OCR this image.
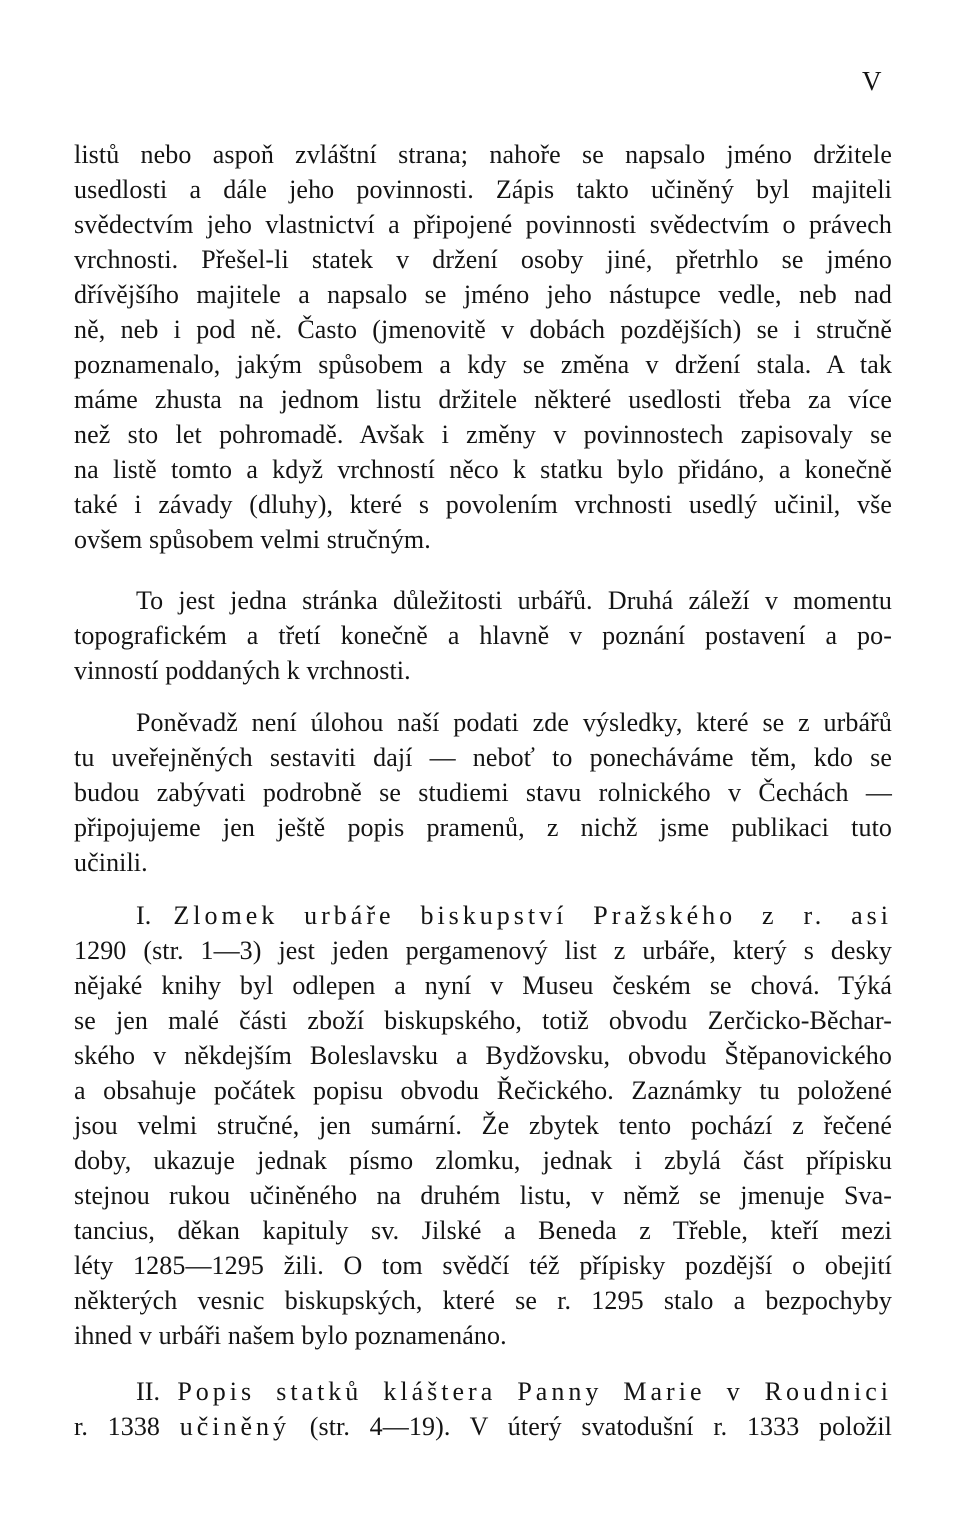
V
listů nebo aspoň zvláštní strana; nahoře se napsalo jméno držitele
usedlosti a dále jeho povinnosti. Zápis takto učiněný byl majiteli
svědectvím jeho vlastnictví a připojené povinnosti svědectvím o právech
vrchnosti. Přešel-li statek v držení osoby jiné, přetrhlo se jméno
dřívějšího majitele a napsalo se jméno jeho nástupce vedle, neb nad
ně, neb i pod ně. Často (jmenovitě v dobách pozdějších) se i stručně
poznamenalo, jakým spůsobem a kdy se změna v držení stala. A tak
máme zhusta na jednom listu držitele některé usedlosti třeba za více
než sto let pohromadě. Avšak i změny v povinnostech zapisovaly se
na listě tomto a když vrchností něco k statku bylo přidáno, a konečně
také i závady (dluhy), které s povolením vrchnosti usedlý učinil, vše
ovšem spůsobem velmi stručným.
To jest jedna stránka důležitosti urbářů. Druhá záleží v momentu
topografickém a třetí konečně a hlavně v poznání postavení a po-
vinností poddaných k vrchnosti.
Poněvadž není úlohou naší podati zde výsledky, které se z urbářů
tu uveřejněných sestaviti dají — neboť to ponecháváme těm, kdo se
budou zabývati podrobně se studiemi stavu rolnického v Čechách —
připojujeme jen ještě popis pramenů, z nichž jsme publikaci tuto
učinili.
I. Zlomek urbáře biskupství Pražského z r. asi
1290 (str. 1—3) jest jeden pergamenový list z urbáře, který s desky
nějaké knihy byl odlepen a nyní v Museu českém se chová. Týká
se jen malé části zboží biskupského, totiž obvodu Zerčicko-Běchar-
ského v někdejším Boleslavsku a Bydžovsku, obvodu Štěpanovického
a obsahuje počátek popisu obvodu Řečického. Zaznámky tu položené
jsou velmi stručné, jen sumární. Že zbytek tento pochází z řečené
doby, ukazuje jednak písmo zlomku, jednak i zbylá část přípisku
stejnou rukou učiněného na druhém listu, v němž se jmenuje Sva-
tancius, děkan kapituly sv. Jilské a Beneda z Třeble, kteří mezi
léty 1285—1295 žili. O tom svědčí též přípisky pozdější o obejití
některých vesnic biskupských, které se r. 1295 stalo a bezpochyby
ihned v urbáři našem bylo poznamenáno.
II. Popis statků kláštera Panny Marie v Roudnici
r. 1338 učiněný (str. 4—19). V úterý svatodušní r. 1333 položil
